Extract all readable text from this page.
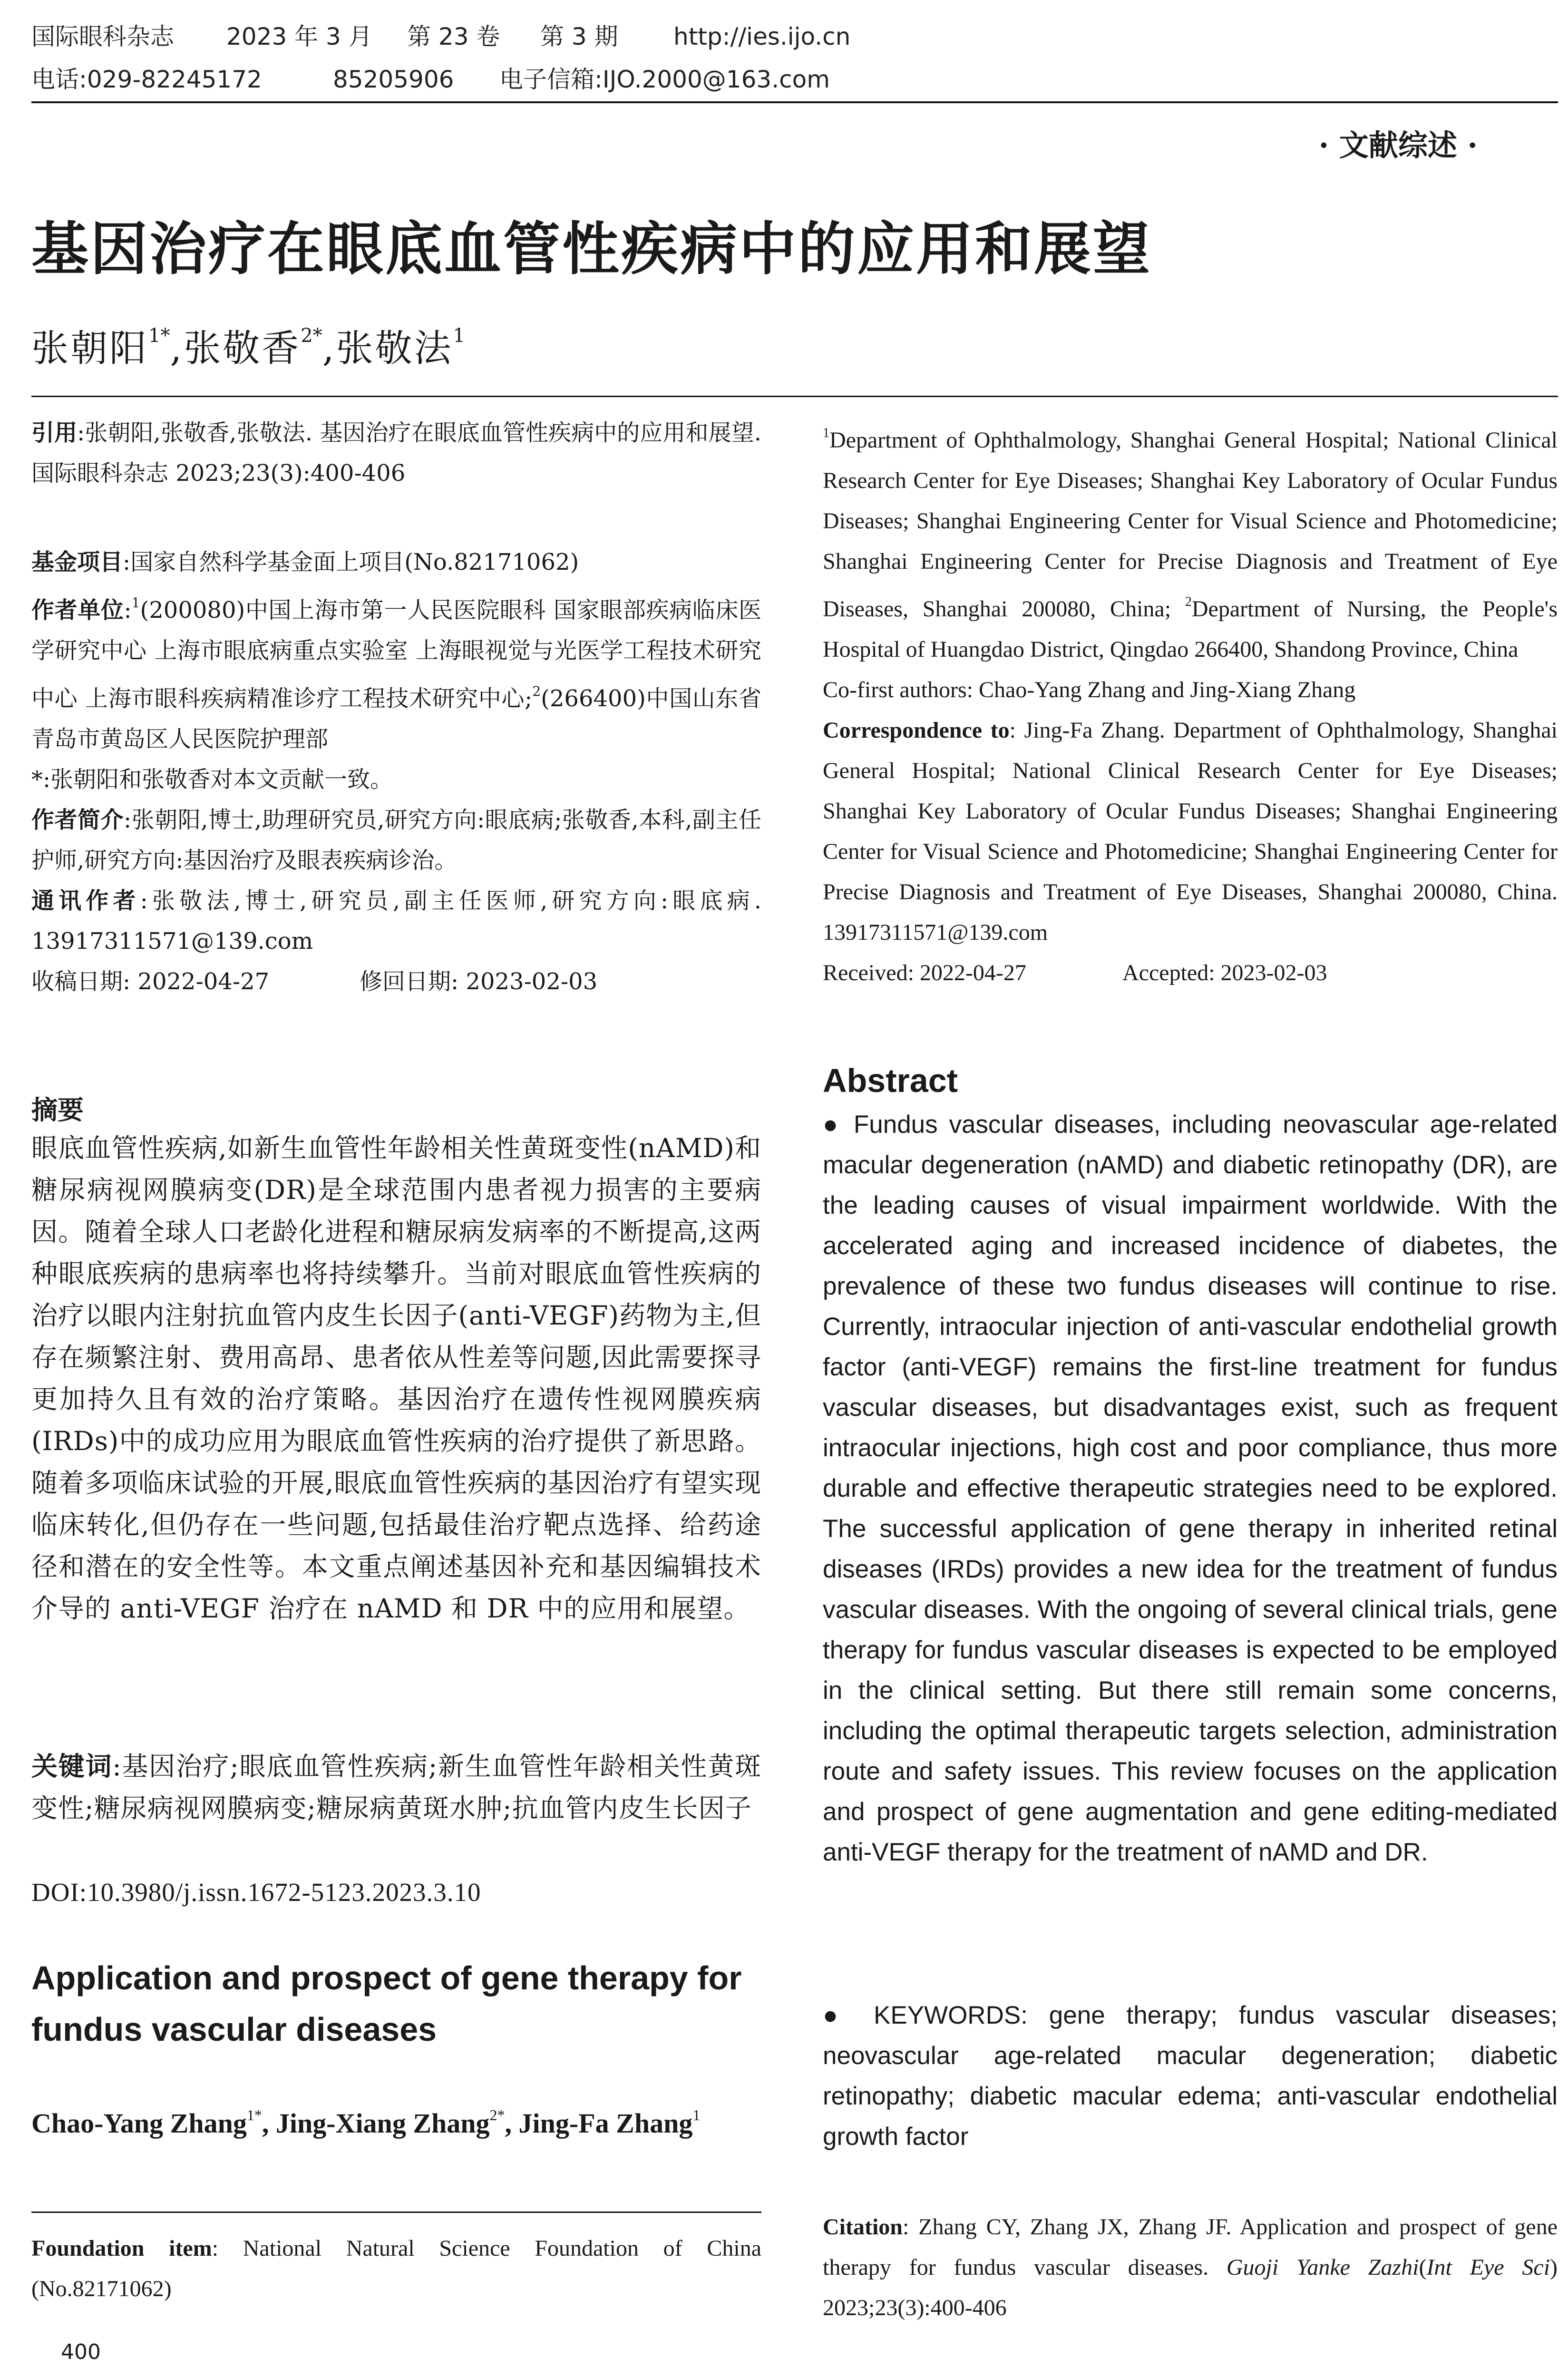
国际眼科杂志 2023 年 3 月 第 23 卷 第 3 期 http://ies.ijo.cn
电话:029-82245172	85205906 电子信箱:IJO.2000@163.com
· 文献综述 ·
基因治疗在眼底血管性疾病中的应用和展望
张朝阳$^{1*}$,张敬香$^{2*}$,张敬法$^1$
引用:张朝阳,张敬香,张敬法. 基因治疗在眼底血管性疾病中的应用和展望. 国际眼科杂志 2023;23(3):400-406
基金项目:国家自然科学基金面上项目(No.82171062)
作者单位:$^1$(200080)中国上海市第一人民医院眼科 国家眼部疾病临床医学研究中心 上海市眼底病重点实验室 上海眼视觉与光医学工程技术研究中心 上海市眼科疾病精准诊疗工程技术研究中心;$^2$(266400)中国山东省青岛市黄岛区人民医院护理部
*:张朝阳和张敬香对本文贡献一致。
作者简介:张朝阳,博士,助理研究员,研究方向:眼底病;张敬香,本科,副主任护师,研究方向:基因治疗及眼表疾病诊治。
通讯作者:张敬法,博士,研究员,副主任医师,研究方向:眼底病. 13917311571@139.com
收稿日期: 2022-04-27	修回日期: 2023-02-03
摘要
眼底血管性疾病,如新生血管性年龄相关性黄斑变性(nAMD)和糖尿病视网膜病变(DR)是全球范围内患者视力损害的主要病因。随着全球人口老龄化进程和糖尿病发病率的不断提高,这两种眼底疾病的患病率也将持续攀升。当前对眼底血管性疾病的治疗以眼内注射抗血管内皮生长因子(anti-VEGF)药物为主,但存在频繁注射、费用高昂、患者依从性差等问题,因此需要探寻更加持久且有效的治疗策略。基因治疗在遗传性视网膜疾病(IRDs)中的成功应用为眼底血管性疾病的治疗提供了新思路。随着多项临床试验的开展,眼底血管性疾病的基因治疗有望实现临床转化,但仍存在一些问题,包括最佳治疗靶点选择、给药途径和潜在的安全性等。本文重点阐述基因补充和基因编辑技术介导的 anti-VEGF 治疗在 nAMD 和 DR 中的应用和展望。
关键词:基因治疗;眼底血管性疾病;新生血管性年龄相关性黄斑变性;糖尿病视网膜病变;糖尿病黄斑水肿;抗血管内皮生长因子
DOI:10.3980/j.issn.1672-5123.2023.3.10
Application and prospect of gene therapy for fundus vascular diseases
Chao-Yang Zhang$^{1*}$, Jing-Xiang Zhang$^{2*}$, Jing-Fa Zhang$^1$
Foundation item: National Natural Science Foundation of China (No.82171062)
400
$^1$Department of Ophthalmology, Shanghai General Hospital; National Clinical Research Center for Eye Diseases; Shanghai Key Laboratory of Ocular Fundus Diseases; Shanghai Engineering Center for Visual Science and Photomedicine; Shanghai Engineering Center for Precise Diagnosis and Treatment of Eye Diseases, Shanghai 200080, China; $^2$Department of Nursing, the People's Hospital of Huangdao District, Qingdao 266400, Shandong Province, China
Co-first authors: Chao-Yang Zhang and Jing-Xiang Zhang
Correspondence to: Jing-Fa Zhang. Department of Ophthalmology, Shanghai General Hospital; National Clinical Research Center for Eye Diseases; Shanghai Key Laboratory of Ocular Fundus Diseases; Shanghai Engineering Center for Visual Science and Photomedicine; Shanghai Engineering Center for Precise Diagnosis and Treatment of Eye Diseases, Shanghai 200080, China. 13917311571@139.com
Received: 2022-04-27	Accepted: 2023-02-03
Abstract
● Fundus vascular diseases, including neovascular age-related macular degeneration (nAMD) and diabetic retinopathy (DR), are the leading causes of visual impairment worldwide. With the accelerated aging and increased incidence of diabetes, the prevalence of these two fundus diseases will continue to rise. Currently, intraocular injection of anti-vascular endothelial growth factor (anti-VEGF) remains the first-line treatment for fundus vascular diseases, but disadvantages exist, such as frequent intraocular injections, high cost and poor compliance, thus more durable and effective therapeutic strategies need to be explored. The successful application of gene therapy in inherited retinal diseases (IRDs) provides a new idea for the treatment of fundus vascular diseases. With the ongoing of several clinical trials, gene therapy for fundus vascular diseases is expected to be employed in the clinical setting. But there still remain some concerns, including the optimal therapeutic targets selection, administration route and safety issues. This review focuses on the application and prospect of gene augmentation and gene editing-mediated anti-VEGF therapy for the treatment of nAMD and DR.
● KEYWORDS: gene therapy; fundus vascular diseases; neovascular age-related macular degeneration; diabetic retinopathy; diabetic macular edema; anti-vascular endothelial growth factor
Citation: Zhang CY, Zhang JX, Zhang JF. Application and prospect of gene therapy for fundus vascular diseases. Guoji Yanke Zazhi(Int Eye Sci) 2023;23(3):400-406
